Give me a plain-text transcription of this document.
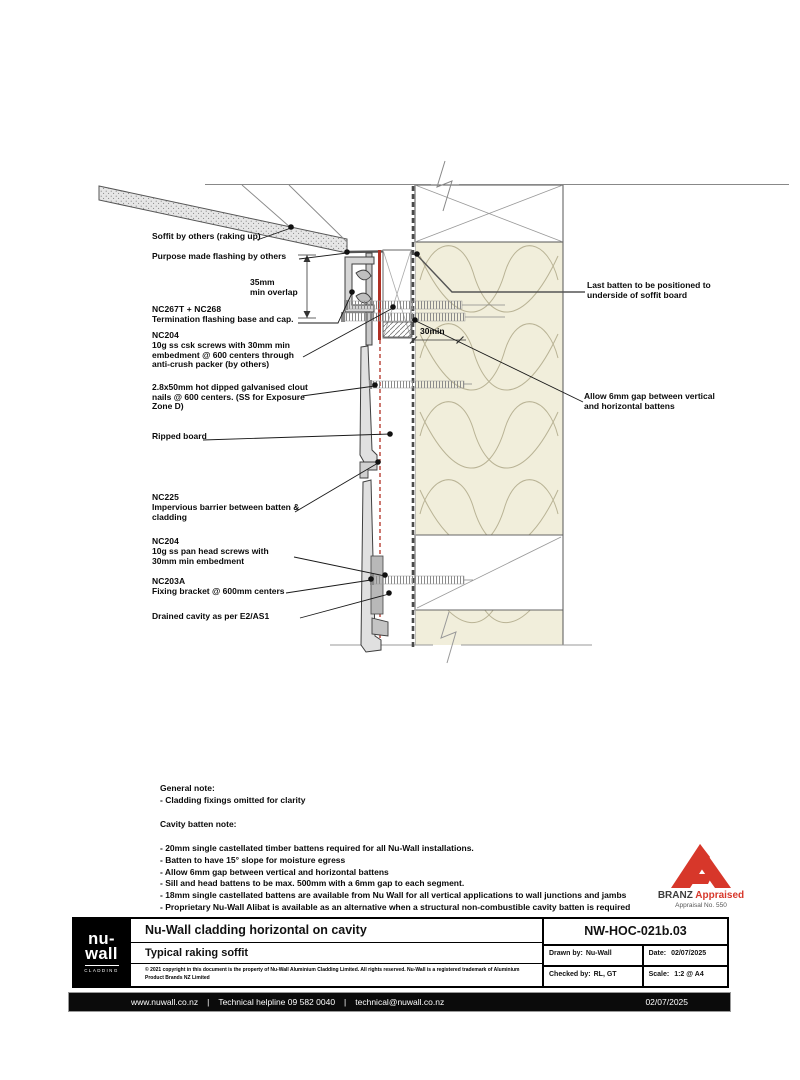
Soffit by others (raking up)
Purpose made flashing by others
35mm
min overlap
NC267T + NC268
Termination flashing base and cap.
NC204
10g ss csk screws with 30mm min embedment @ 600 centers through anti-crush packer (by others)
2.8x50mm hot dipped galvanised clout nails @ 600 centers. (SS for Exposure Zone D)
Ripped board
NC225
Impervious barrier between batten & cladding
NC204
10g ss pan head screws with 30mm min embedment
NC203A
Fixing bracket @ 600mm centers
Drained cavity as per E2/AS1
Last batten to be positioned to underside of soffit board
Allow 6mm gap between vertical and horizontal battens
30min
General note:
- Cladding fixings omitted for clarity
Cavity batten note:
- 20mm single castellated timber battens required for all Nu-Wall installations.
- Batten to have 15° slope for moisture egress
- Allow 6mm gap between vertical and horizontal battens
- Sill and head battens to be max. 500mm with a 6mm gap to each segment.
- 18mm single castellated battens are available from Nu Wall for all vertical applications to wall junctions and jambs
- Proprietary Nu-Wall Alibat is available as an alternative when a structural non-combustible cavity batten is required
BRANZ Appraised
Appraisal No. 550
nu-
wall
CLADDING
Nu-Wall cladding horizontal on cavity
Typical raking soffit
© 2021 copyright in this document is the property of Nu-Wall Aluminium Cladding Limited. All rights reserved. Nu-Wall is a registered trademark of Aluminium Product Brands NZ Limited
NW-HOC-021b.03
Drawn by: Nu-Wall	Date: 02/07/2025
Checked by: RL, GT	Scale: 1:2 @ A4
www.nuwall.co.nz | Technical helpline 09 582 0040 | technical@nuwall.co.nz	02/07/2025
